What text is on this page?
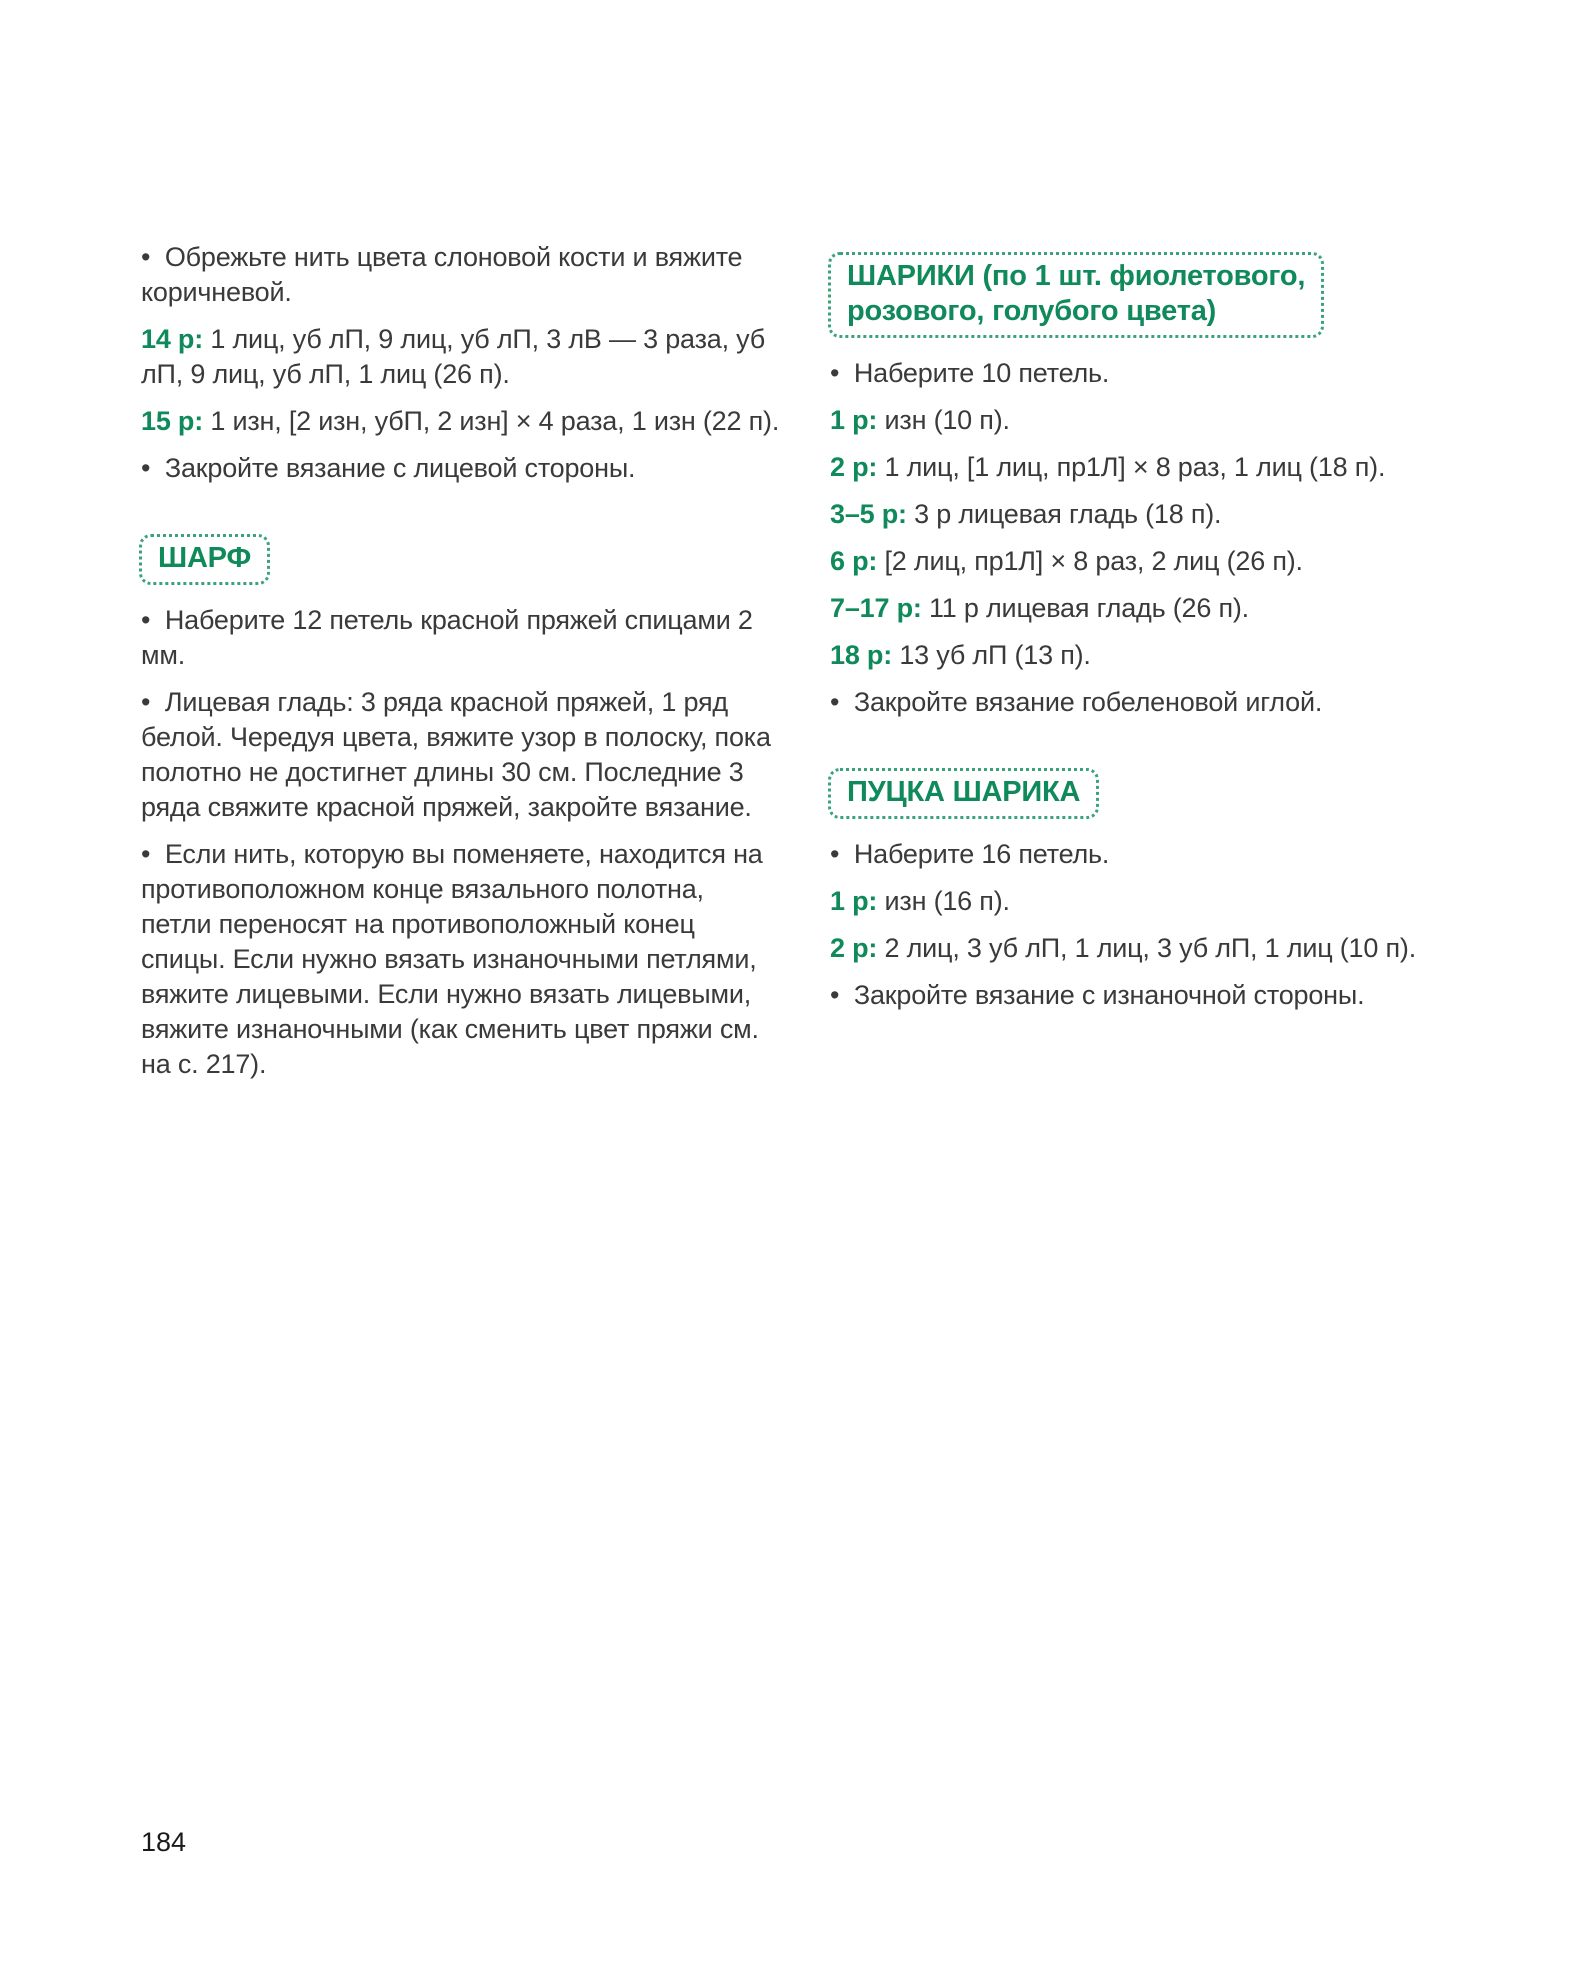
•  Обрежьте нить цвета слоновой кости и вяжите коричневой.

14 р: 1 лиц, уб лП, 9 лиц, уб лП, 3 лВ — 3 раза, уб лП, 9 лиц, уб лП, 1 лиц (26 п).

15 р: 1 изн, [2 изн, убП, 2 изн] × 4 раза, 1 изн (22 п).

•  Закройте вязание с лицевой стороны.

ШАРФ

•  Наберите 12 петель красной пряжей спицами 2 мм.

•  Лицевая гладь: 3 ряда красной пряжей, 1 ряд белой. Чередуя цвета, вяжите узор в полоску, пока полотно не достигнет длины 30 см. Последние 3 ряда свяжите красной пряжей, закройте вязание.

•  Если нить, которую вы поменяете, находится на противоположном конце вязального полотна, петли переносят на противоположный конец спицы. Если нужно вязать изнаночными петлями, вяжите лицевыми. Если нужно вязать лицевыми, вяжите изнаночными (как сменить цвет пряжи см. на с. 217).

ШАРИКИ (по 1 шт. фиолетового,
розового, голубого цвета)

•  Наберите 10 петель.

1 р: изн (10 п).

2 р: 1 лиц, [1 лиц, пр1Л] × 8 раз, 1 лиц (18 п).

3–5 р: 3 р лицевая гладь (18 п).

6 р: [2 лиц, пр1Л] × 8 раз, 2 лиц (26 п).

7–17 р: 11 р лицевая гладь (26 п).

18 р: 13 уб лП (13 п).

•  Закройте вязание гобеленовой иглой.

ПУЦКА ШАРИКА

•  Наберите 16 петель.

1 р: изн (16 п).

2 р: 2 лиц, 3 уб лП, 1 лиц, 3 уб лП, 1 лиц (10 п).

•  Закройте вязание с изнаночной стороны.

184
